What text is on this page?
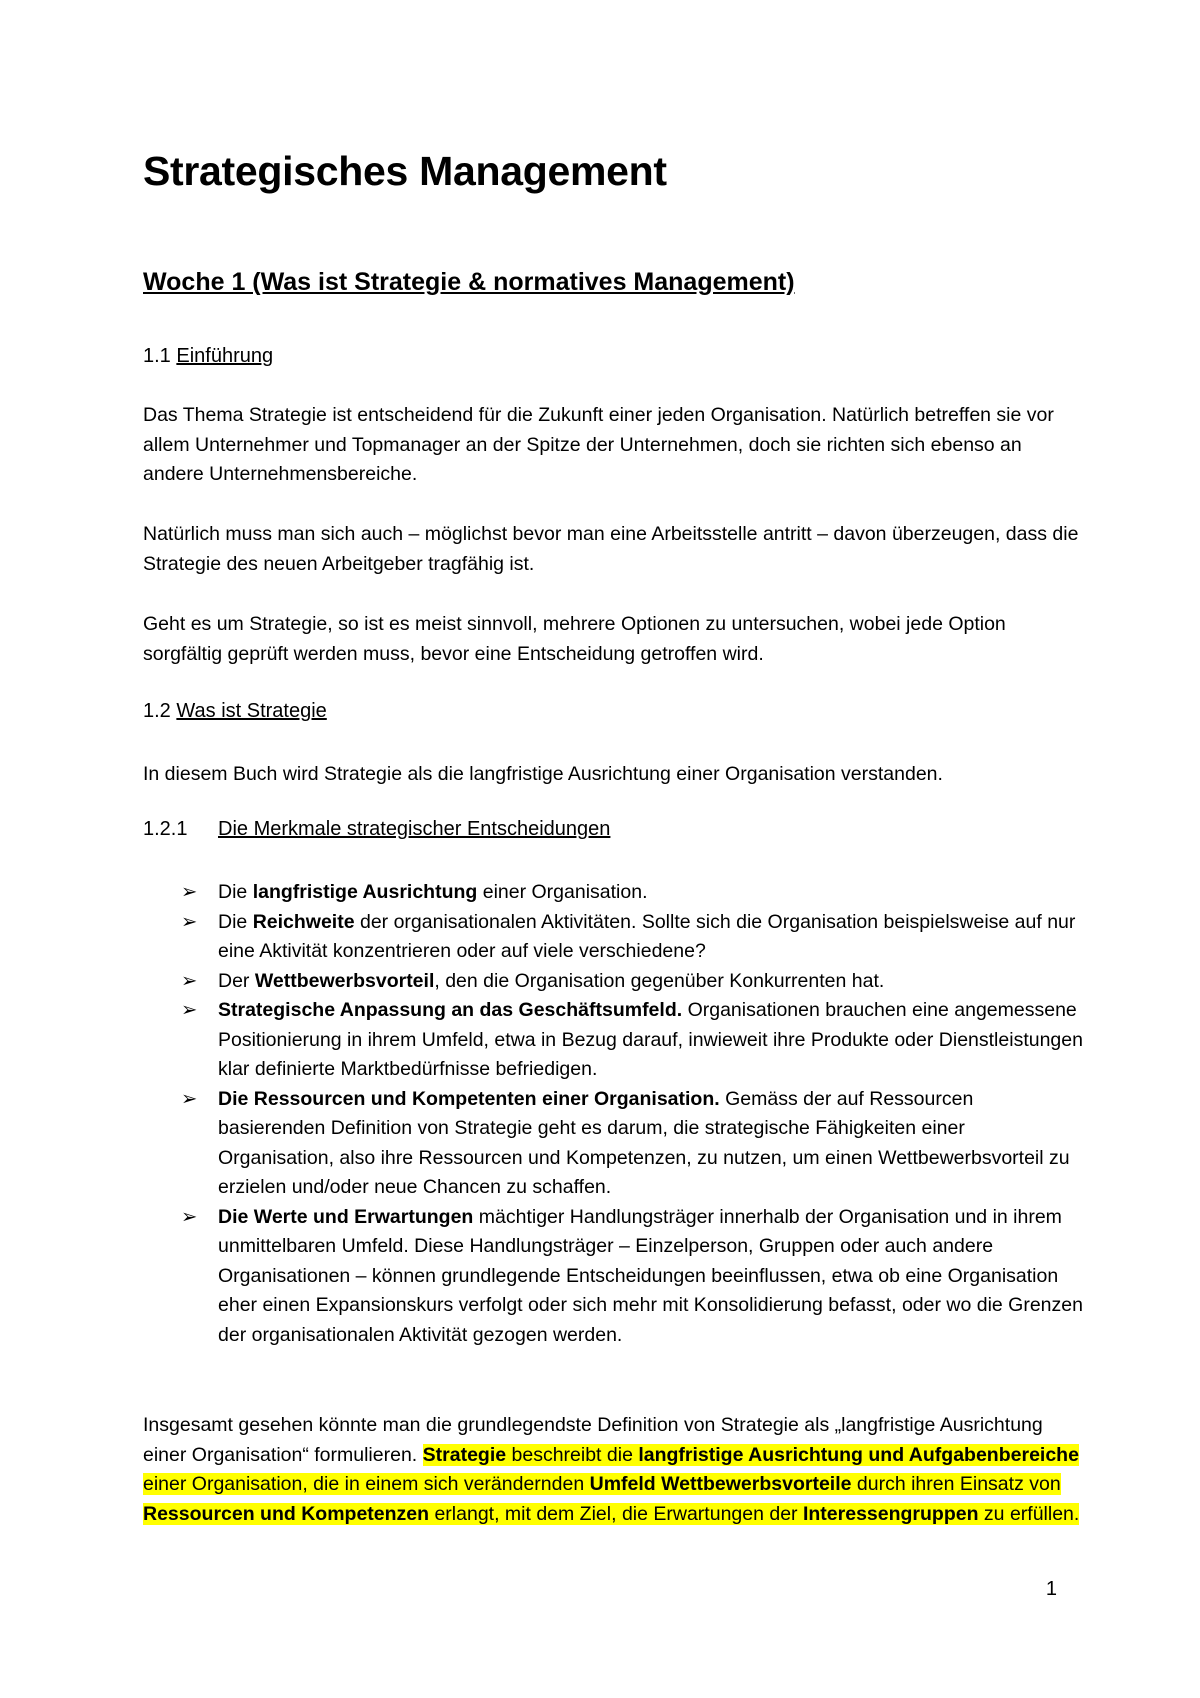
Strategisches Management
Woche 1 (Was ist Strategie & normatives Management)

1.1 Einführung

Das Thema Strategie ist entscheidend für die Zukunft einer jeden Organisation. Natürlich betreffen sie vor allem Unternehmer und Topmanager an der Spitze der Unternehmen, doch sie richten sich ebenso an andere Unternehmensbereiche.

Natürlich muss man sich auch – möglichst bevor man eine Arbeitsstelle antritt – davon überzeugen, dass die Strategie des neuen Arbeitgeber tragfähig ist.

Geht es um Strategie, so ist es meist sinnvoll, mehrere Optionen zu untersuchen, wobei jede Option sorgfältig geprüft werden muss, bevor eine Entscheidung getroffen wird.

1.2 Was ist Strategie

In diesem Buch wird Strategie als die langfristige Ausrichtung einer Organisation verstanden.

1.2.1 Die Merkmale strategischer Entscheidungen

➢ Die langfristige Ausrichtung einer Organisation.
➢ Die Reichweite der organisationalen Aktivitäten. Sollte sich die Organisation beispielsweise auf nur eine Aktivität konzentrieren oder auf viele verschiedene?
➢ Der Wettbewerbsvorteil, den die Organisation gegenüber Konkurrenten hat.
➢ Strategische Anpassung an das Geschäftsumfeld. Organisationen brauchen eine angemessene Positionierung in ihrem Umfeld, etwa in Bezug darauf, inwieweit ihre Produkte oder Dienstleistungen klar definierte Marktbedürfnisse befriedigen.
➢ Die Ressourcen und Kompetenten einer Organisation. Gemäss der auf Ressourcen basierenden Definition von Strategie geht es darum, die strategische Fähigkeiten einer Organisation, also ihre Ressourcen und Kompetenzen, zu nutzen, um einen Wettbewerbsvorteil zu erzielen und/oder neue Chancen zu schaffen.
➢ Die Werte und Erwartungen mächtiger Handlungsträger innerhalb der Organisation und in ihrem unmittelbaren Umfeld. Diese Handlungsträger – Einzelperson, Gruppen oder auch andere Organisationen – können grundlegende Entscheidungen beeinflussen, etwa ob eine Organisation eher einen Expansionskurs verfolgt oder sich mehr mit Konsolidierung befasst, oder wo die Grenzen der organisationalen Aktivität gezogen werden.

Insgesamt gesehen könnte man die grundlegendste Definition von Strategie als „langfristige Ausrichtung einer Organisation“ formulieren. Strategie beschreibt die langfristige Ausrichtung und Aufgabenbereiche einer Organisation, die in einem sich verändernden Umfeld Wettbewerbsvorteile durch ihren Einsatz von Ressourcen und Kompetenzen erlangt, mit dem Ziel, die Erwartungen der Interessengruppen zu erfüllen.

1
